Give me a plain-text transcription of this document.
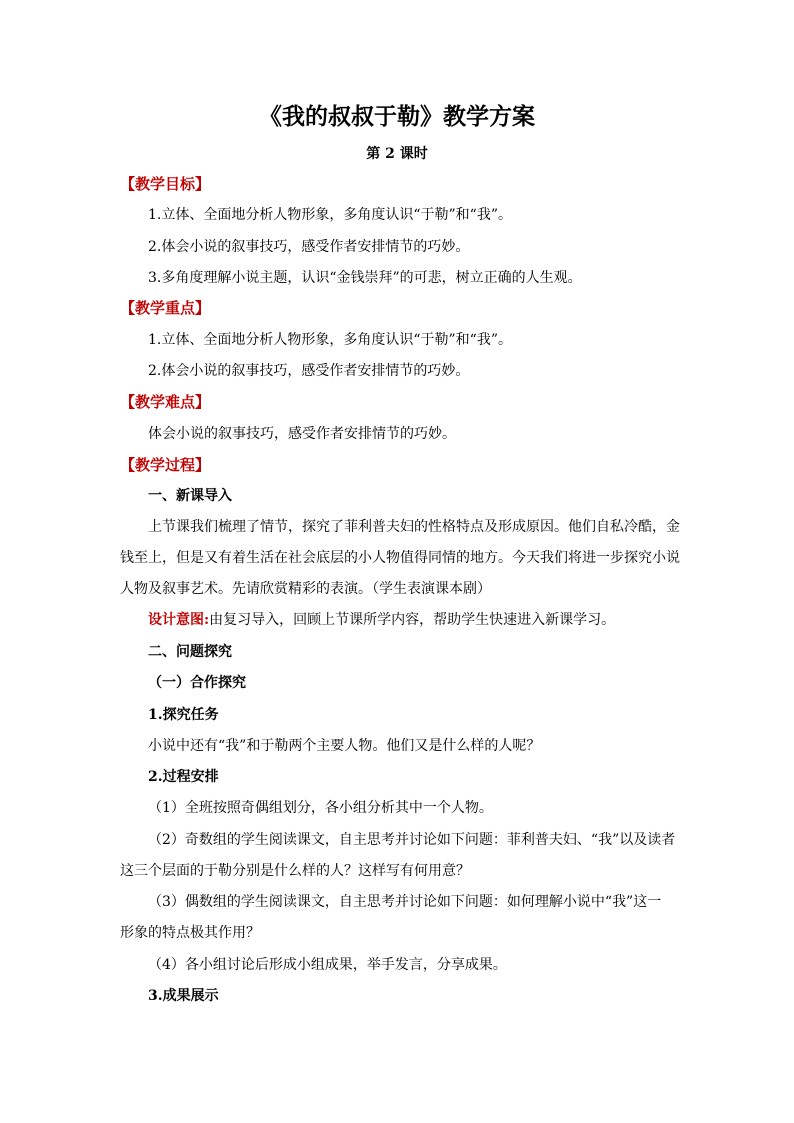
《我的叔叔于勒》教学方案
第 2 课时
【教学目标】
1.立体、全面地分析人物形象，多角度认识“于勒”和“我”。
2.体会小说的叙事技巧，感受作者安排情节的巧妙。
3.多角度理解小说主题，认识“金钱崇拜”的可悲，树立正确的人生观。
【教学重点】
1.立体、全面地分析人物形象，多角度认识“于勒”和“我”。
2.体会小说的叙事技巧，感受作者安排情节的巧妙。
【教学难点】
体会小说的叙事技巧，感受作者安排情节的巧妙。
【教学过程】
一、新课导入
上节课我们梳理了情节，探究了菲利普夫妇的性格特点及形成原因。他们自私冷酷，金
钱至上，但是又有着生活在社会底层的小人物值得同情的地方。今天我们将进一步探究小说
人物及叙事艺术。先请欣赏精彩的表演。（学生表演课本剧）
设计意图:由复习导入，回顾上节课所学内容，帮助学生快速进入新课学习。
二、问题探究
（一）合作探究
1.探究任务
小说中还有“我”和于勒两个主要人物。他们又是什么样的人呢？
2.过程安排
（1）全班按照奇偶组划分，各小组分析其中一个人物。
（2）奇数组的学生阅读课文，自主思考并讨论如下问题：菲利普夫妇、“我”以及读者
这三个层面的于勒分别是什么样的人？这样写有何用意？
（3）偶数组的学生阅读课文，自主思考并讨论如下问题：如何理解小说中“我”这一
形象的特点极其作用？
（4）各小组讨论后形成小组成果，举手发言，分享成果。
3.成果展示
